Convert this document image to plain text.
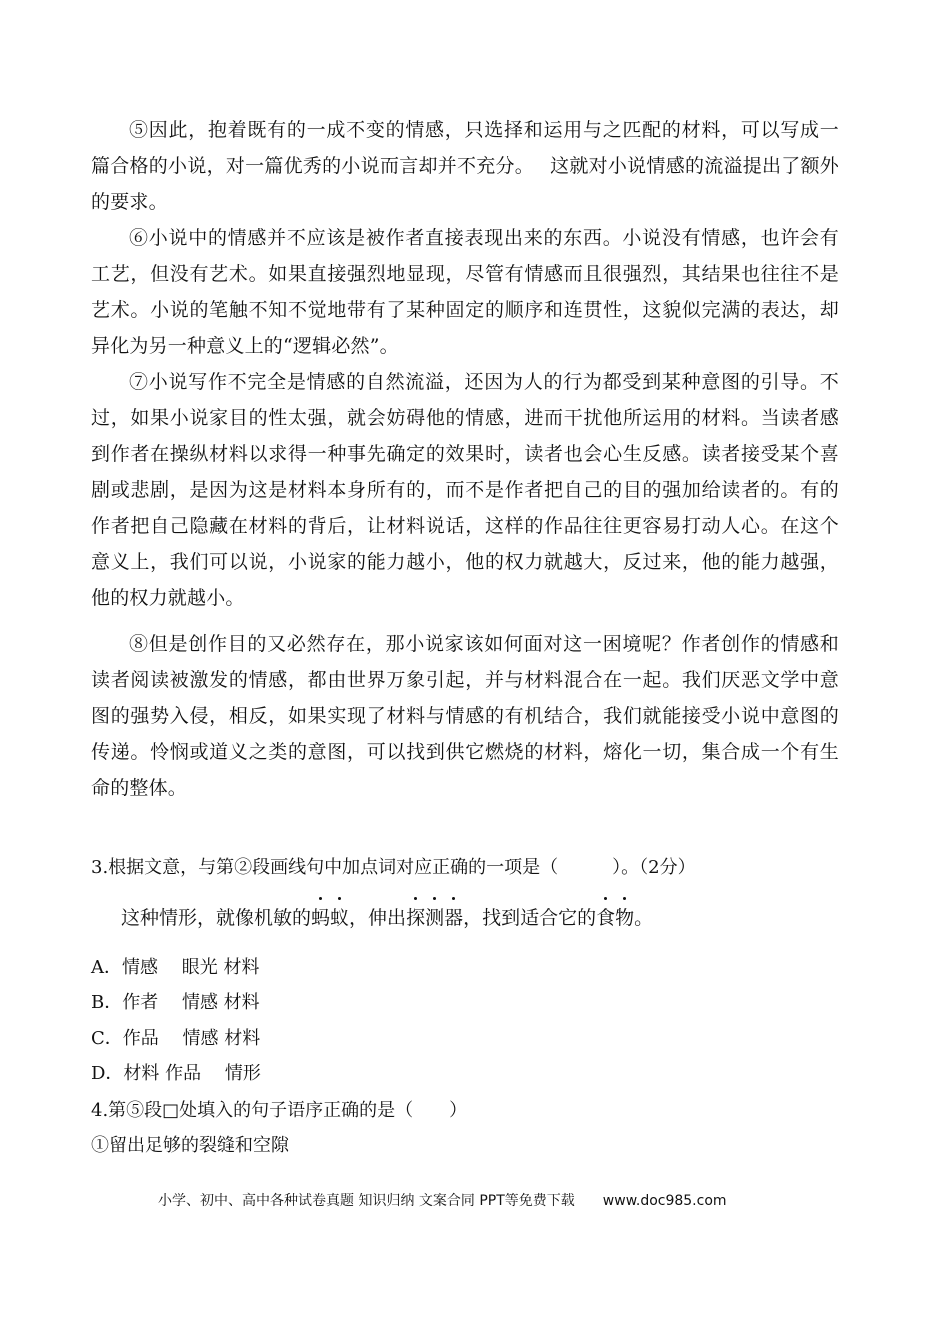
⑤因此，抱着既有的一成不变的情感，只选择和运用与之匹配的材料，可以写成一篇合格的小说，对一篇优秀的小说而言却并不充分。　 这就对小说情感的流溢提出了额外的要求。

⑥小说中的情感并不应该是被作者直接表现出来的东西。小说没有情感，也许会有工艺，但没有艺术。如果直接强烈地显现，尽管有情感而且很强烈，其结果也往往不是艺术。小说的笔触不知不觉地带有了某种固定的顺序和连贯性，这貌似完满的表达，却异化为另一种意义上的“逻辑必然”。

⑦小说写作不完全是情感的自然流溢，还因为人的行为都受到某种意图的引导。不过，如果小说家目的性太强，就会妨碍他的情感，进而干扰他所运用的材料。当读者感到作者在操纵材料以求得一种事先确定的效果时，读者也会心生反感。读者接受某个喜剧或悲剧，是因为这是材料本身所有的，而不是作者把自己的目的强加给读者的。有的作者把自己隐藏在材料的背后，让材料说话，这样的作品往往更容易打动人心。在这个意义上，我们可以说，小说家的能力越小，他的权力就越大，反过来，他的能力越强，他的权力就越小。

⑧但是创作目的又必然存在，那小说家该如何面对这一困境呢？作者创作的情感和读者阅读被激发的情感，都由世界万象引起，并与材料混合在一起。我们厌恶文学中意图的强势入侵，相反，如果实现了材料与情感的有机结合，我们就能接受小说中意图的传递。怜悯或道义之类的意图，可以找到供它燃烧的材料，熔化一切，集合成一个有生命的整体。

3.根据文意，与第②段画线句中加点词对应正确的一项是（　　　）。（2分）

这种情形，就像机敏的蚂蚁，伸出探测器，找到适合它的食物。

A．情感　 眼光 材料

B．作者　 情感 材料

C．作品　 情感 材料

D．材料 作品　 情形

4.第⑤段□处填入的句子语序正确的是（　　）

①留出足够的裂缝和空隙

小学、初中、高中各种试卷真题 知识归纳 文案合同 PPT等免费下载 www.doc985.com
